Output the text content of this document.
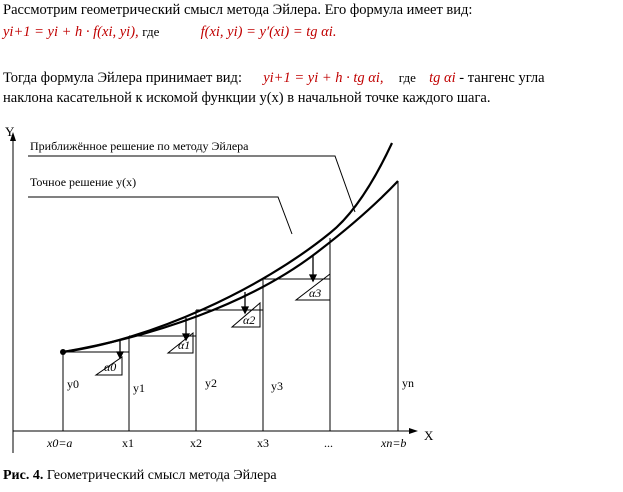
Рассмотрим геометрический смысл метода Эйлера. Его формула имеет вид:
yi+1 = yi + h · f(xi, yi), где	f(xi, yi) = y′(xi) = tg αi.
Тогда формула Эйлера принимает вид: yi+1 = yi + h · tg αi, где tg αi - тангенс угла
наклона касательной к искомой функции y(x) в начальной точке каждого шага.
Y
X
α0
α1
α2
α3
y0	y1	y2	y3	yn
x0=a	x1	x2	x3	...	xn=b
Приближённое решение по методу Эйлера
Точное решение y(x)
Рис. 4. Геометрический смысл метода Эйлера
